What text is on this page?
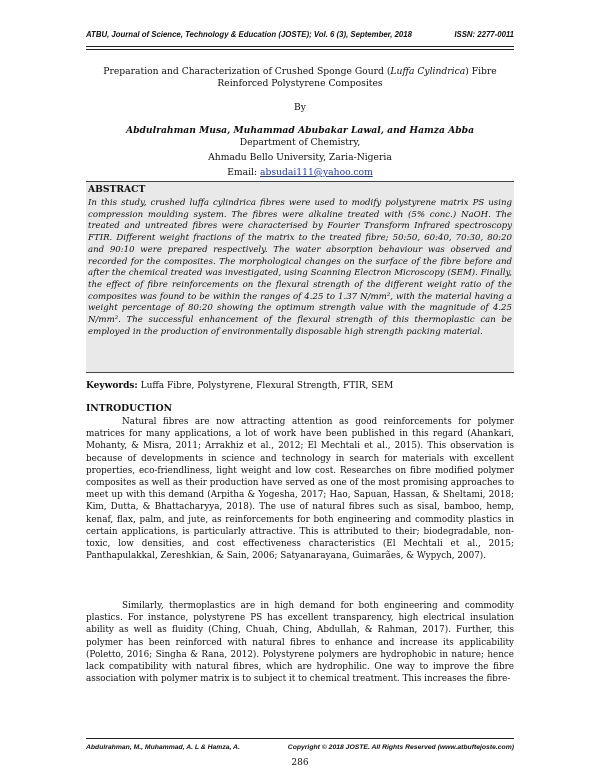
ATBU, Journal of Science, Technology & Education (JOSTE); Vol. 6 (3), September, 2018	ISSN: 2277-0011
Preparation and Characterization of Crushed Sponge Gourd (Luffa Cylindrica) Fibre
Reinforced Polystyrene Composites
By
Abdulrahman Musa, Muhammad Abubakar Lawal, and Hamza Abba
Department of Chemistry,
Ahmadu Bello University, Zaria-Nigeria
Email: absudai111@yahoo.com
ABSTRACT
In this study, crushed luffa cylindrica fibres were used to modify polystyrene matrix PS using compression moulding system. The fibres were alkaline treated with (5% conc.) NaOH. The treated and untreated fibres were characterised by Fourier Transform Infrared spectroscopy FTIR. Different weight fractions of the matrix to the treated fibre; 50:50, 60:40, 70:30, 80:20 and 90:10 were prepared respectively. The water absorption behaviour was observed and recorded for the composites. The morphological changes on the surface of the fibre before and after the chemical treated was investigated, using Scanning Electron Microscopy (SEM). Finally, the effect of fibre reinforcements on the flexural strength of the different weight ratio of the composites was found to be within the ranges of 4.25 to 1.37 N/mm², with the material having a weight percentage of 80:20 showing the optimum strength value with the magnitude of 4.25 N/mm². The successful enhancement of the flexural strength of this thermoplastic can be employed in the production of environmentally disposable high strength packing material.
Keywords: Luffa Fibre, Polystyrene, Flexural Strength, FTIR, SEM
INTRODUCTION
Natural fibres are now attracting attention as good reinforcements for polymer matrices for many applications, a lot of work have been published in this regard (Ahankari, Mohanty, & Misra, 2011; Arrakhiz et al., 2012; El Mechtali et al., 2015). This observation is because of developments in science and technology in search for materials with excellent properties, eco-friendliness, light weight and low cost. Researches on fibre modified polymer composites as well as their production have served as one of the most promising approaches to meet up with this demand (Arpitha & Yogesha, 2017; Hao, Sapuan, Hassan, & Sheltami, 2018; Kim, Dutta, & Bhattacharyya, 2018). The use of natural fibres such as sisal, bamboo, hemp, kenaf, flax, palm, and jute, as reinforcements for both engineering and commodity plastics in certain applications, is particularly attractive. This is attributed to their; biodegradable, non-toxic, low densities, and cost effectiveness characteristics (El Mechtali et al., 2015; Panthapulakkal, Zereshkian, & Sain, 2006; Satyanarayana, Guimarães, & Wypych, 2007).
Similarly, thermoplastics are in high demand for both engineering and commodity plastics. For instance, polystyrene PS has excellent transparency, high electrical insulation ability as well as fluidity (Ching, Chuah, Ching, Abdullah, & Rahman, 2017). Further, this polymer has been reinforced with natural fibres to enhance and increase its applicability (Poletto, 2016; Singha & Rana, 2012). Polystyrene polymers are hydrophobic in nature; hence lack compatibility with natural fibres, which are hydrophilic. One way to improve the fibre association with polymer matrix is to subject it to chemical treatment. This increases the fibre-
Abdulrahman, M., Muhammad, A. L & Hamza, A.	Copyright © 2018 JOSTE. All Rights Reserved (www.atbuftejoste.com)
286
